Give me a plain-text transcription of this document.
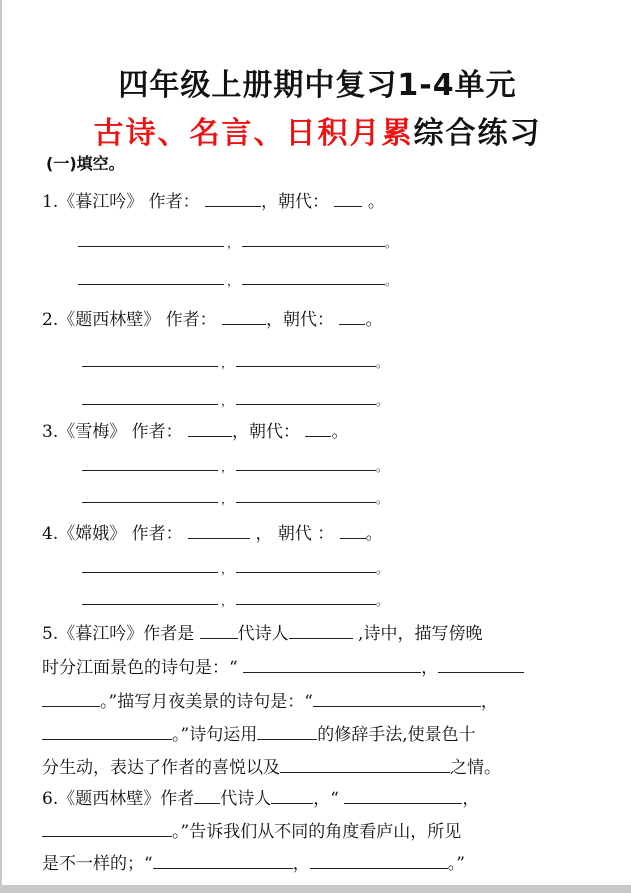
四年级上册期中复习1-4单元
古诗、名言、日积月累综合练习
(一)填空。
1.《暮江吟》 作者：	，朝代：  。
，	。
，	。
2.《题西林壁》 作者：	，朝代： 。
，	。
，	。
3.《雪梅》 作者：	，朝代： 。
，	。
，	。
4.《嫦娥》 作者：	， 朝代 ： 。
，	。
，	。
5.《暮江吟》作者是	代诗人	,诗中，描写傍晚
时分江面景色的诗句是：“	，
。”描写月夜美景的诗句是：“	，
。”诗句运用	的修辞手法,使景色十
分生动，表达了作者的喜悦以及	之情。
6.《题西林壁》作者 代诗人 ，“	，
。”告诉我们从不同的角度看庐山，所见
是不一样的；“	，	。”
